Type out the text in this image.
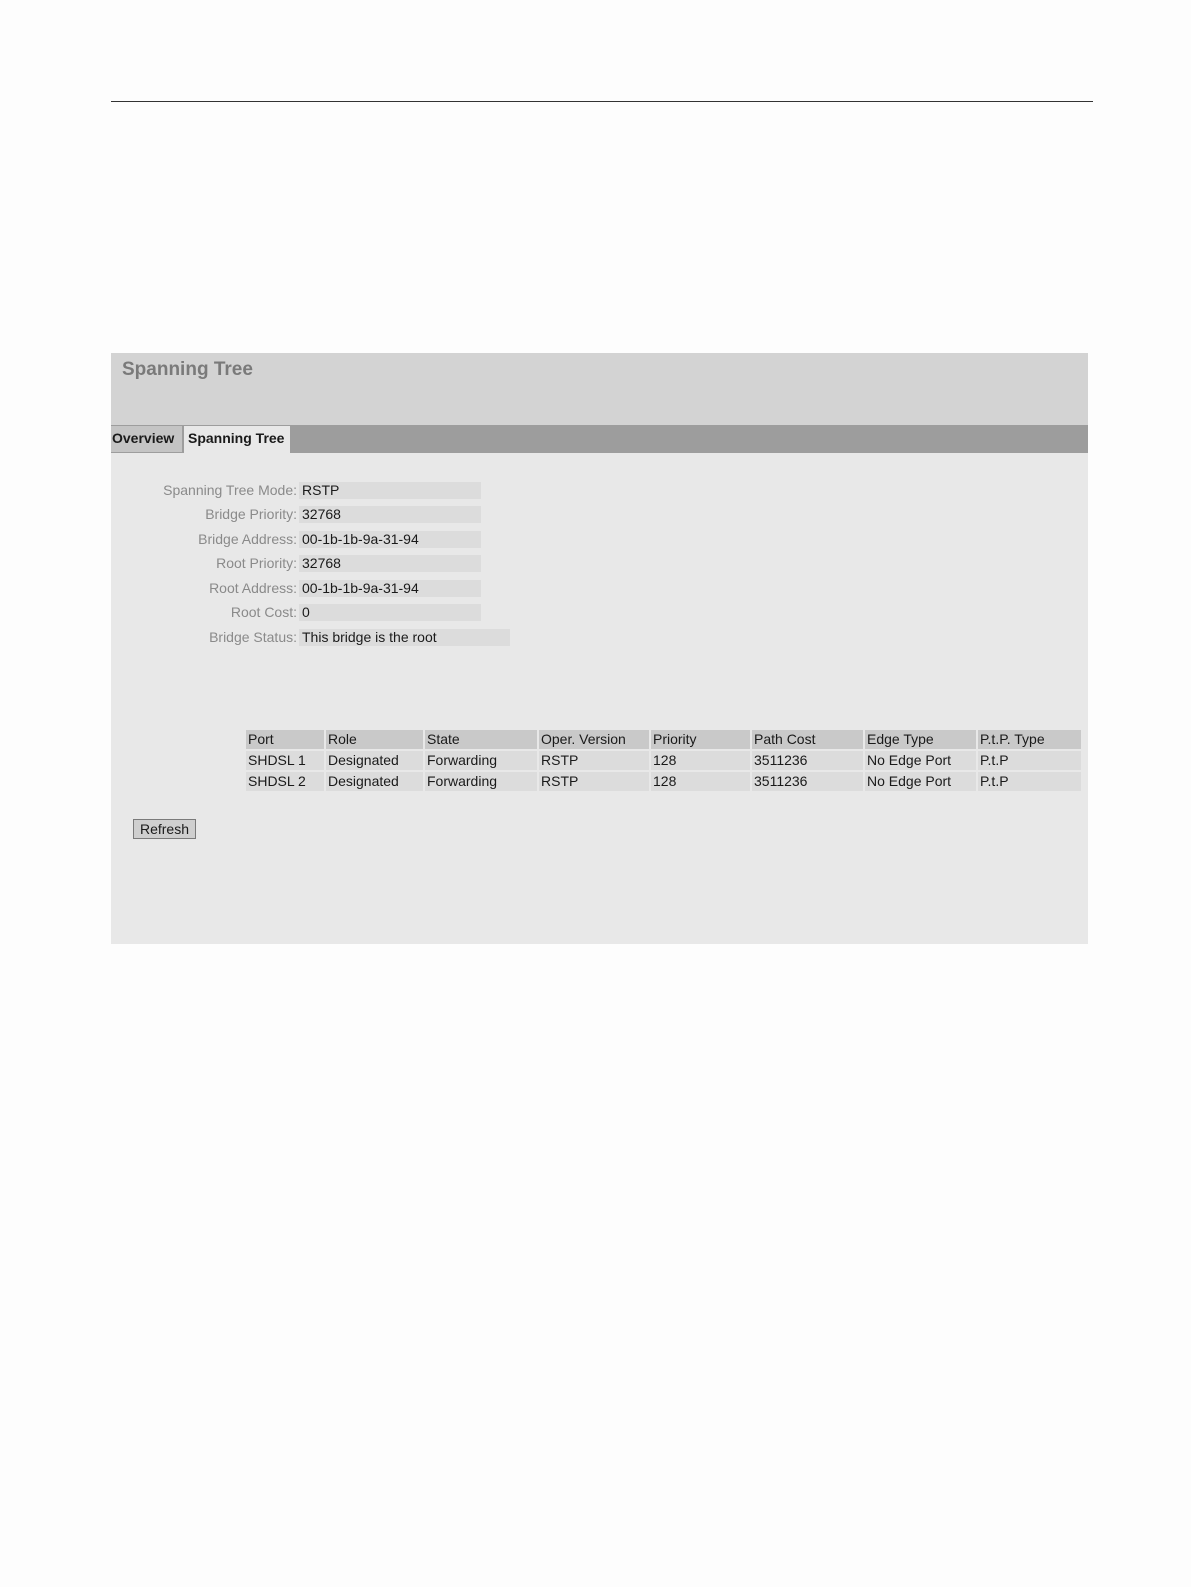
Spanning Tree
Overview Spanning Tree
Spanning Tree Mode: RSTP
Bridge Priority: 32768
Bridge Address: 00-1b-1b-9a-31-94
Root Priority: 32768
Root Address: 00-1b-1b-9a-31-94
Root Cost: 0
Bridge Status: This bridge is the root
Port	Role	State	Oper. Version	Priority	Path Cost	Edge Type	P.t.P. Type
SHDSL 1	Designated	Forwarding	RSTP	128	3511236	No Edge Port	P.t.P
SHDSL 2	Designated	Forwarding	RSTP	128	3511236	No Edge Port	P.t.P
Refresh
